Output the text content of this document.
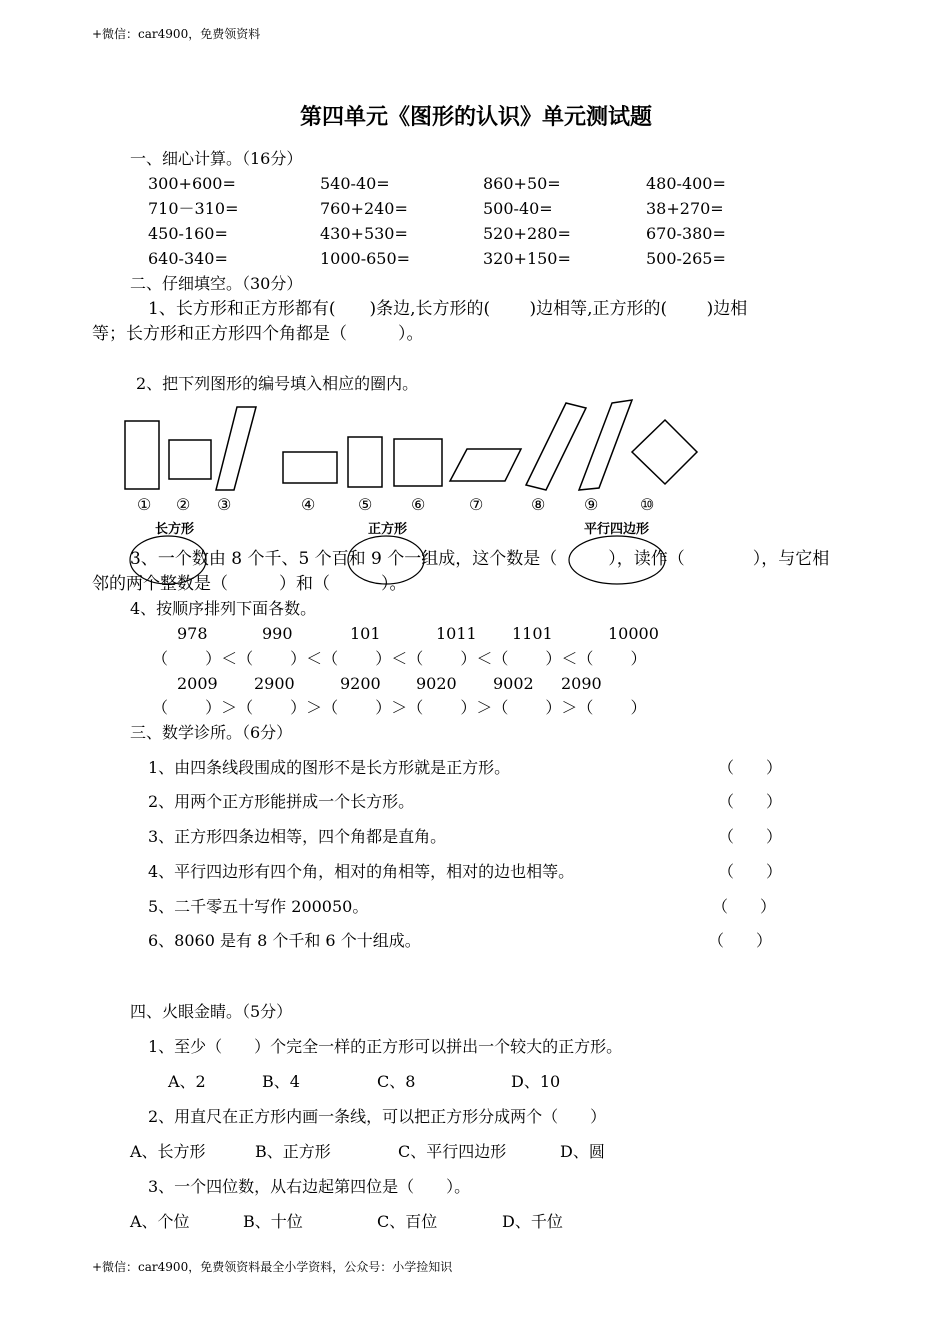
+微信：car4900，免费领资料
第四单元《图形的认识》单元测试题
一、细心计算。（16分）
300+600=	540-40=	860+50=	480-400=
710－310=	760+240=	500-40=	38+270=
450-160=	430+530=	520+280=	670-380=
640-340=	1000-650=	320+150=	500-265=
二、仔细填空。（30分）
1、长方形和正方形都有(　　)条边,长方形的(　　 )边相等,正方形的(　　 )边相
等；长方形和正方形四个角都是（　　　）。
2、把下列图形的编号填入相应的圈内。
① ② ③	④	⑤ ⑥	⑦	⑧ ⑨	⑩
长方形	正方形	平行四边形
3、一个数由 8 个千、5 个百和 9 个一组成，这个数是（　　　），读作（　　　　），与它相
邻的两个整数是（　　　）和（　　　）。
4、按顺序排列下面各数。
978	990	101	1011 1101	10000
（　　 ）＜（　　 ）＜（　　 ）＜（　　 ）＜（　　 ）＜（　　 ）
2009 2900	9200 9020 9002 2090
（　　 ）＞（　　 ）＞（　　 ）＞（　　 ）＞（　　 ）＞（　　 ）
三、数学诊所。（6分）
1、由四条线段围成的图形不是长方形就是正方形。	（　　）
2、用两个正方形能拼成一个长方形。	（　　）
3、正方形四条边相等，四个角都是直角。	（　　）
4、平行四边形有四个角，相对的角相等，相对的边也相等。	（　　）
5、二千零五十写作 200050。	（　　）
6、8060 是有 8 个千和 6 个十组成。	（　　）
四、火眼金睛。（5分）
1、至少（　　）个完全一样的正方形可以拼出一个较大的正方形。
A、2	B、4	C、8	D、10
2、用直尺在正方形内画一条线，可以把正方形分成两个（　　）
A、长方形	B、正方形	C、平行四边形	D、圆
3、一个四位数，从右边起第四位是（　　）。
A、个位	B、十位	C、百位	D、千位
+微信：car4900，免费领资料最全小学资料，公众号：小学捡知识
